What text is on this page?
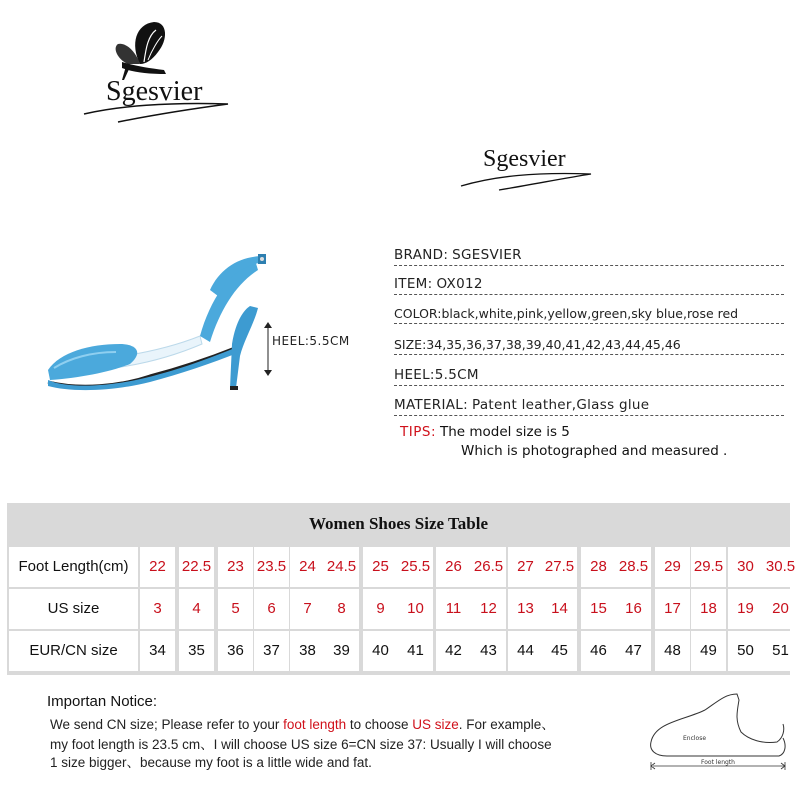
Sgesvier
Sgesvier
HEEL:5.5CM
BRAND: SGESVIER
ITEM: OX012
COLOR:black,white,pink,yellow,green,sky blue,rose red
SIZE:34,35,36,37,38,39,40,41,42,43,44,45,46
HEEL:5.5CM
MATERIAL: Patent leather,Glass glue
TIPS: The model size is 5
Which is photographed and measured .
Women Shoes Size Table
Foot Length(cm)	22	22.5	23 23.5 24 24.5	25 25.5	26 26.5 27 27.5	28 28.5	29 29.5 30 30.5
US size	3	4	5	6	7	8	9	10	11	12	13	14	15	16	17	18	19	20
EUR/CN size	34	35	36	37	38	39	40	41	42	43	44	45	46	47	48	49	50	51
Importan Notice:
We send CN size; Please refer to your foot length to choose US size. For example、
my foot length is 23.5 cm、I will choose US size 6=CN size 37: Usually I will choose
1 size bigger、because my foot is a little wide and fat.
Enclose
Foot length
